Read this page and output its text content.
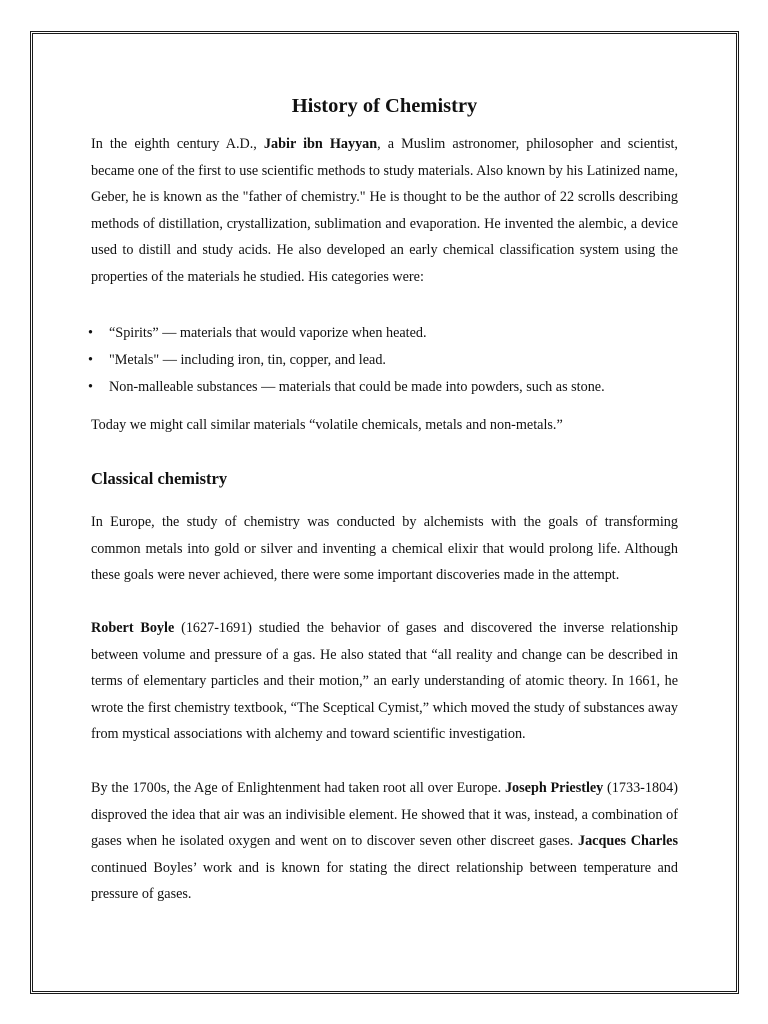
History of Chemistry

In the eighth century A.D., Jabir ibn Hayyan, a Muslim astronomer, philosopher and scientist, became one of the first to use scientific methods to study materials. Also known by his Latinized name, Geber, he is known as the "father of chemistry." He is thought to be the author of 22 scrolls describing methods of distillation, crystallization, sublimation and evaporation. He invented the alembic, a device used to distill and study acids. He also developed an early chemical classification system using the properties of the materials he studied. His categories were:

• “Spirits” — materials that would vaporize when heated.
• "Metals" — including iron, tin, copper, and lead.
• Non-malleable substances — materials that could be made into powders, such as stone.

Today we might call similar materials “volatile chemicals, metals and non-metals.”

Classical chemistry

In Europe, the study of chemistry was conducted by alchemists with the goals of transforming common metals into gold or silver and inventing a chemical elixir that would prolong life. Although these goals were never achieved, there were some important discoveries made in the attempt.

Robert Boyle (1627-1691) studied the behavior of gases and discovered the inverse relationship between volume and pressure of a gas. He also stated that “all reality and change can be described in terms of elementary particles and their motion,” an early understanding of atomic theory. In 1661, he wrote the first chemistry textbook, “The Sceptical Cymist,” which moved the study of substances away from mystical associations with alchemy and toward scientific investigation.

By the 1700s, the Age of Enlightenment had taken root all over Europe. Joseph Priestley (1733-1804) disproved the idea that air was an indivisible element. He showed that it was, instead, a combination of gases when he isolated oxygen and went on to discover seven other discreet gases. Jacques Charles continued Boyles’ work and is known for stating the direct relationship between temperature and pressure of gases.
